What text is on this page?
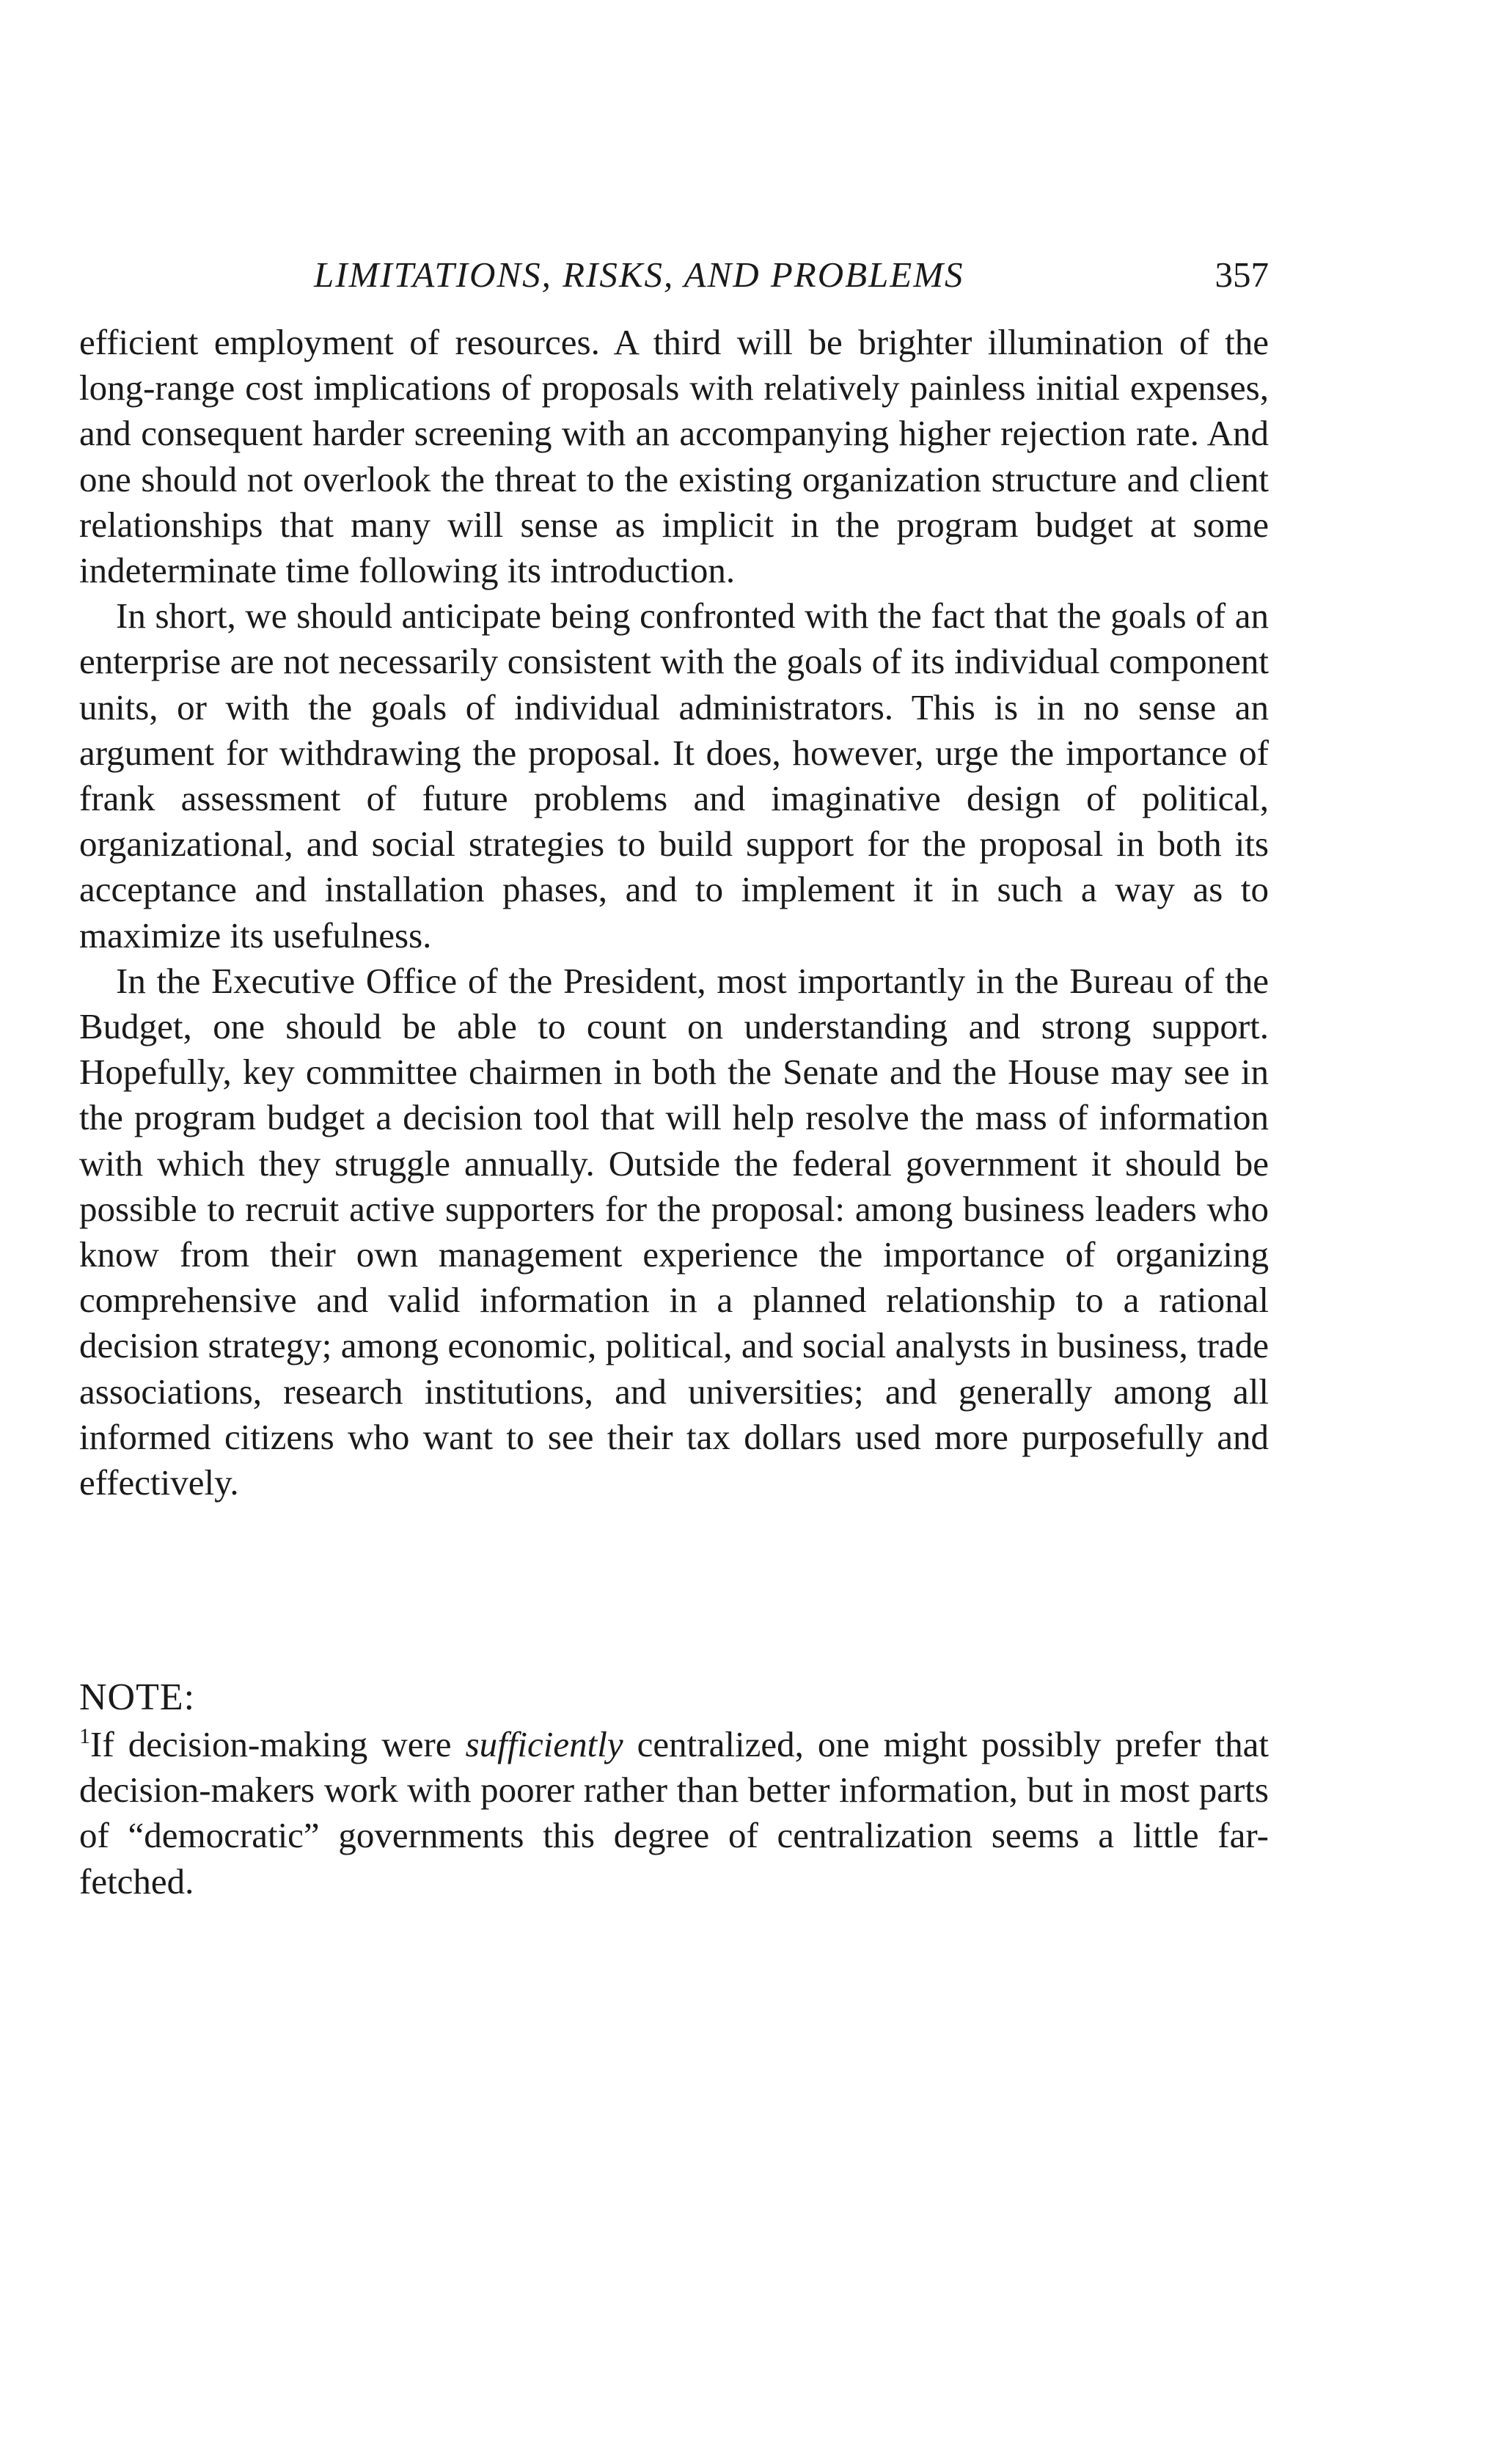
LIMITATIONS, RISKS, AND PROBLEMS	357

efficient employment of resources. A third will be brighter illumination of the long-range cost implications of proposals with relatively painless initial expenses, and consequent harder screening with an accompanying higher rejection rate. And one should not overlook the threat to the existing organization structure and client relationships that many will sense as implicit in the program budget at some indeterminate time following its introduction.

In short, we should anticipate being confronted with the fact that the goals of an enterprise are not necessarily consistent with the goals of its individual component units, or with the goals of individual administrators. This is in no sense an argument for withdrawing the proposal. It does, however, urge the importance of frank assessment of future problems and imaginative design of political, organizational, and social strategies to build support for the proposal in both its acceptance and installation phases, and to implement it in such a way as to maximize its usefulness.

In the Executive Office of the President, most importantly in the Bureau of the Budget, one should be able to count on understanding and strong support. Hopefully, key committee chairmen in both the Senate and the House may see in the program budget a decision tool that will help resolve the mass of information with which they struggle annually. Outside the federal government it should be possible to recruit active supporters for the proposal: among business leaders who know from their own management experience the importance of organizing comprehensive and valid information in a planned relationship to a rational decision strategy; among economic, political, and social analysts in business, trade associations, research institutions, and universities; and generally among all informed citizens who want to see their tax dollars used more purposefully and effectively.

NOTE:

$^1$If decision-making were sufficiently centralized, one might possibly prefer that decision-makers work with poorer rather than better information, but in most parts of “democratic” governments this degree of centralization seems a little far-fetched.
